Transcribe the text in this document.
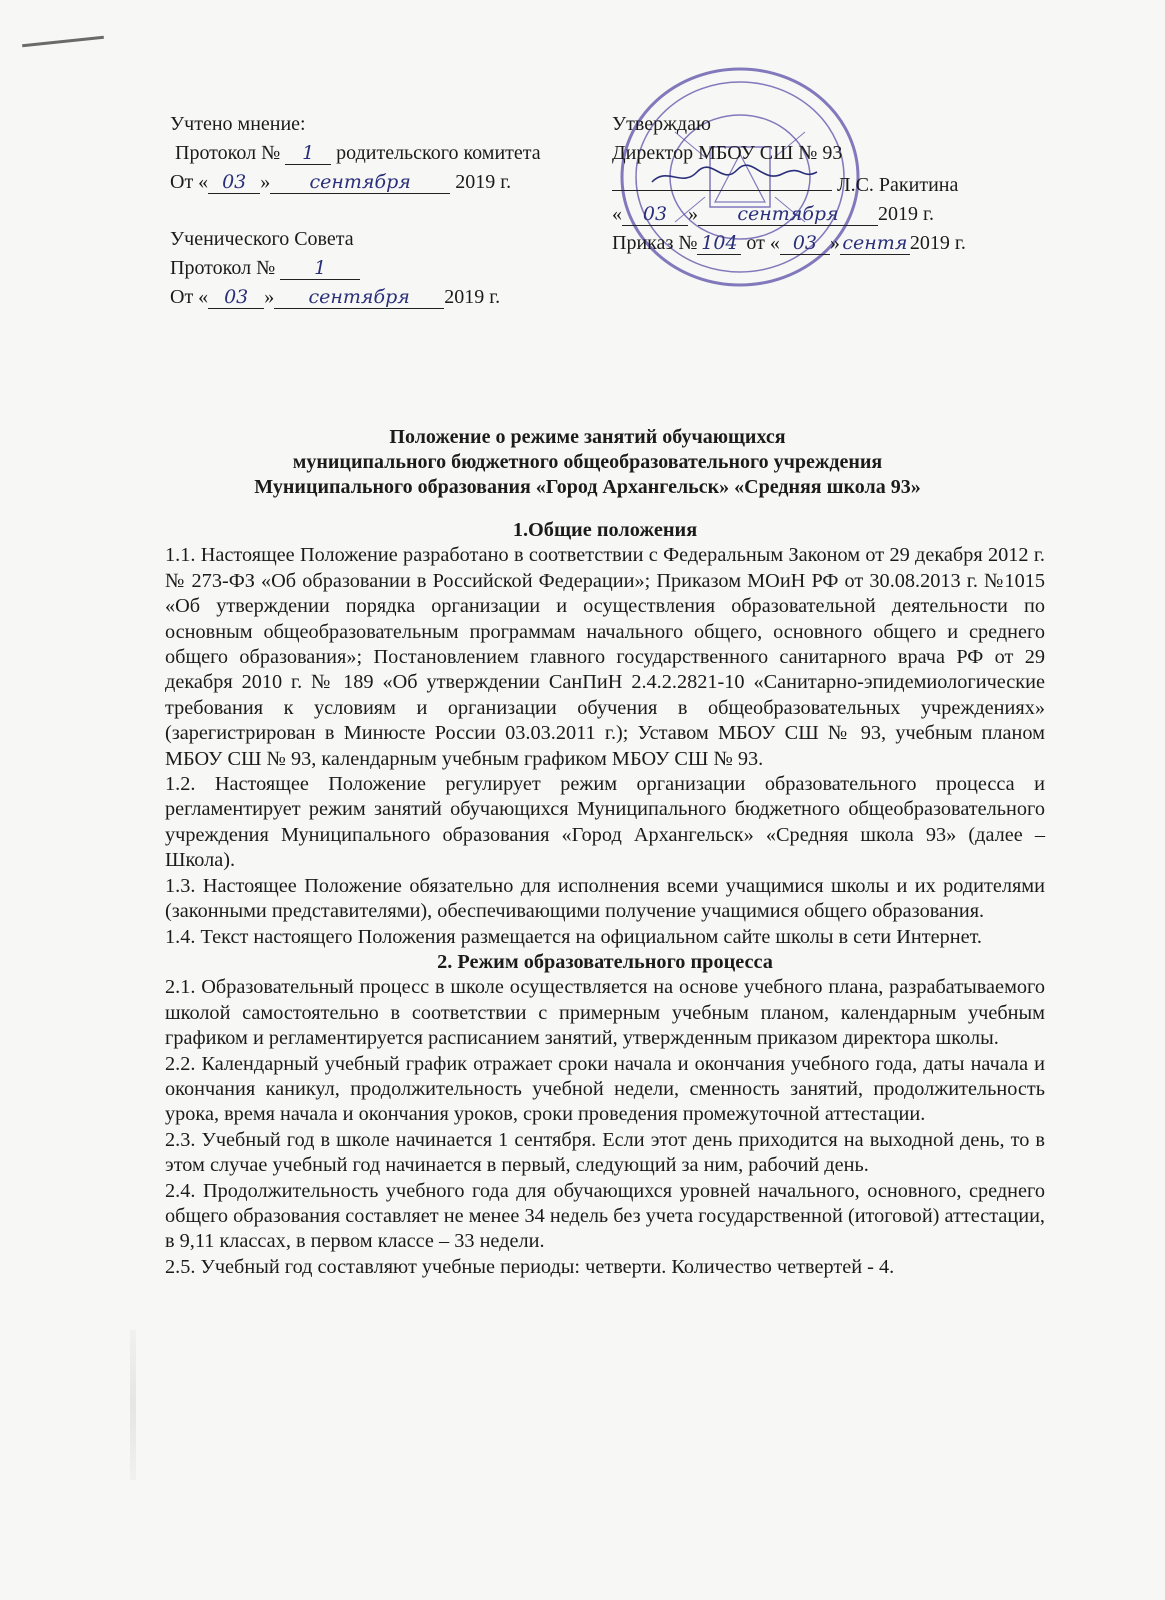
Учтено мнение:
Протокол № 1 родительского комитета
От « 03 » сентября 2019 г.
Ученического Совета
Протокол № 1
От « 03 » сентября 2019 г.
Утверждаю
Директор МБОУ СШ № 93
Л.С. Ракитина
« 03 » сентября 2019 г.
Приказ № 104 от « 03 » сентя 2019 г.
Положение о режиме занятий обучающихся
муниципального бюджетного общеобразовательного учреждения
Муниципального образования «Город Архангельск» «Средняя школа 93»
1.Общие положения

1.1. Настоящее Положение разработано в соответствии с Федеральным Законом от 29 декабря 2012 г. № 273-ФЗ «Об образовании в Российской Федерации»; Приказом МОиН РФ от 30.08.2013 г. №1015 «Об утверждении порядка организации и осуществления образовательной деятельности по основным общеобразовательным программам начального общего, основного общего и среднего общего образования»; Постановлением главного государственного санитарного врача РФ от 29 декабря 2010 г. № 189 «Об утверждении СанПиН 2.4.2.2821-10 «Санитарно-эпидемиологические требования к условиям и организации обучения в общеобразовательных учреждениях» (зарегистрирован в Минюсте России 03.03.2011 г.); Уставом МБОУ СШ № 93, учебным планом МБОУ СШ № 93, календарным учебным графиком МБОУ СШ № 93.

1.2. Настоящее Положение регулирует режим организации образовательного процесса и регламентирует режим занятий обучающихся Муниципального бюджетного общеобразовательного учреждения Муниципального образования «Город Архангельск» «Средняя школа 93» (далее – Школа).

1.3. Настоящее Положение обязательно для исполнения всеми учащимися школы и их родителями (законными представителями), обеспечивающими получение учащимися общего образования.

1.4. Текст настоящего Положения размещается на официальном сайте школы в сети Интернет.

2. Режим образовательного процесса

2.1. Образовательный процесс в школе осуществляется на основе учебного плана, разрабатываемого школой самостоятельно в соответствии с примерным учебным планом, календарным учебным графиком и регламентируется расписанием занятий, утвержденным приказом директора школы.

2.2. Календарный учебный график отражает сроки начала и окончания учебного года, даты начала и окончания каникул, продолжительность учебной недели, сменность занятий, продолжительность урока, время начала и окончания уроков, сроки проведения промежуточной аттестации.

2.3. Учебный год в школе начинается 1 сентября. Если этот день приходится на выходной день, то в этом случае учебный год начинается в первый, следующий за ним, рабочий день.

2.4. Продолжительность учебного года для обучающихся уровней начального, основного, среднего общего образования составляет не менее 34 недель без учета государственной (итоговой) аттестации, в 9,11 классах, в первом классе – 33 недели.

2.5. Учебный год составляют учебные периоды: четверти. Количество четвертей - 4.
